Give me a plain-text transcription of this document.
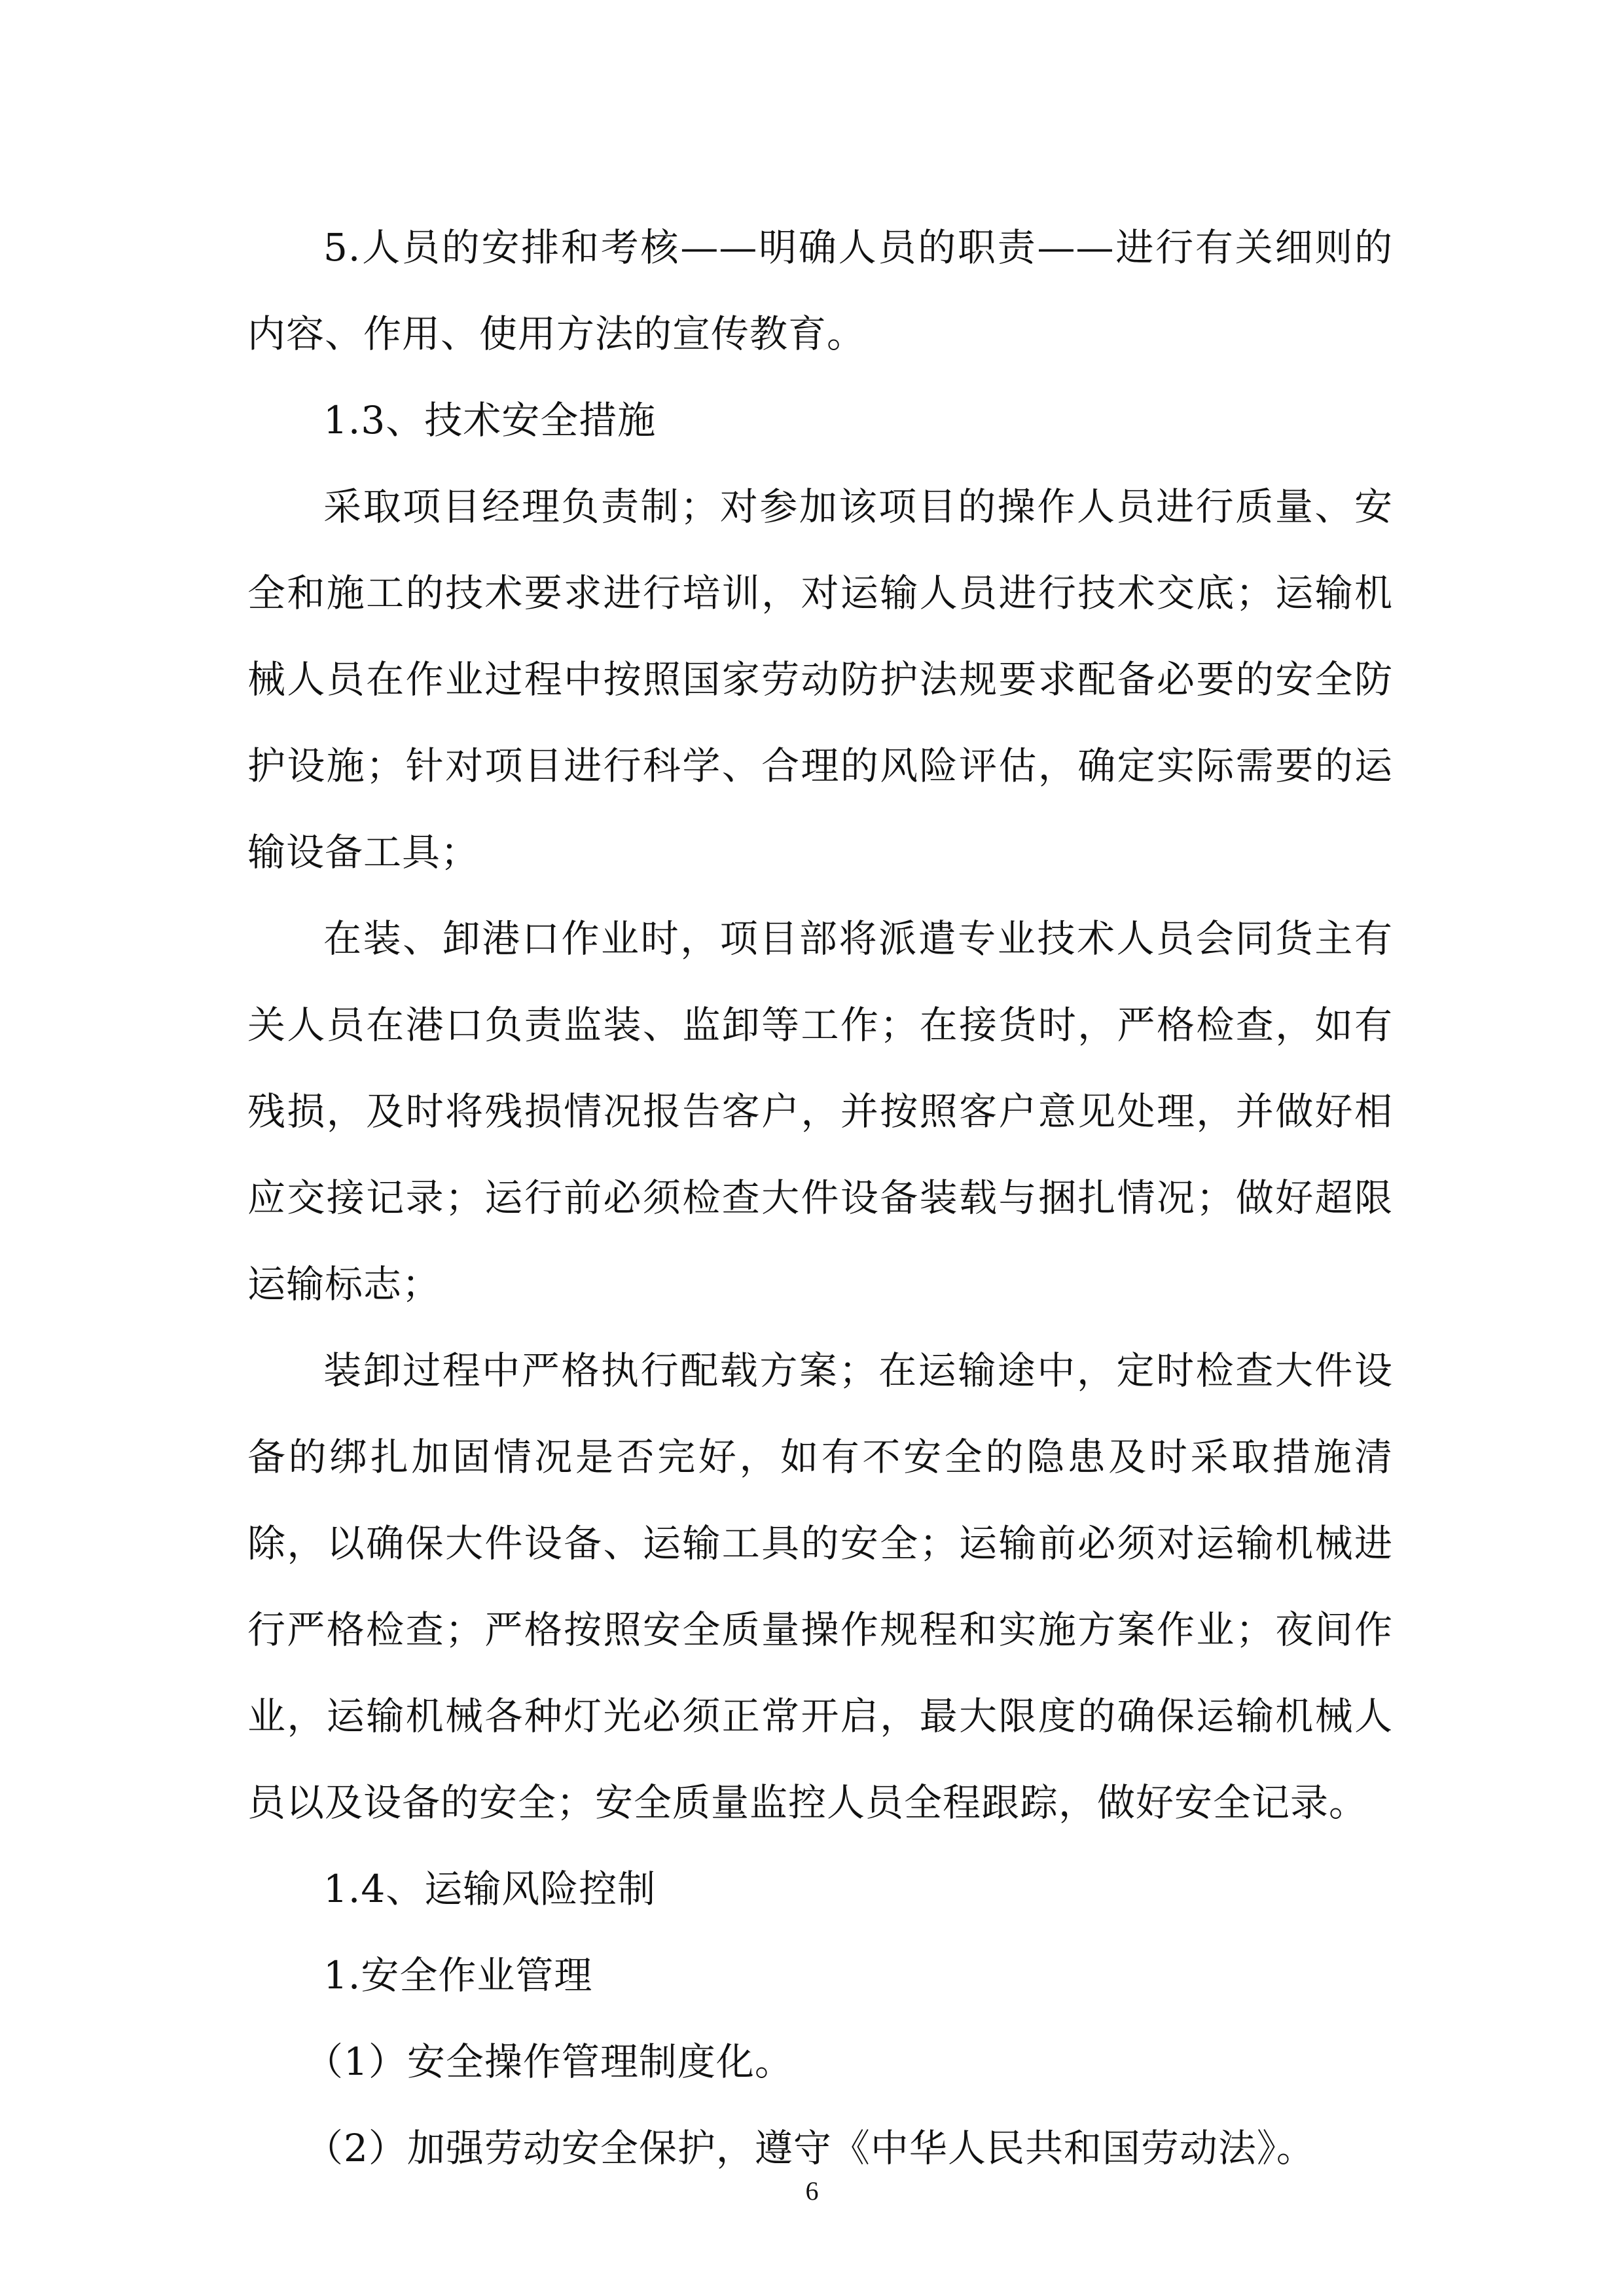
5.人员的安排和考核——明确人员的职责——进行有关细则的内容、作用、使用方法的宣传教育。

1.3、技术安全措施

采取项目经理负责制；对参加该项目的操作人员进行质量、安全和施工的技术要求进行培训，对运输人员进行技术交底；运输机械人员在作业过程中按照国家劳动防护法规要求配备必要的安全防护设施；针对项目进行科学、合理的风险评估，确定实际需要的运输设备工具；

在装、卸港口作业时，项目部将派遣专业技术人员会同货主有关人员在港口负责监装、监卸等工作；在接货时，严格检查，如有残损，及时将残损情况报告客户，并按照客户意见处理，并做好相应交接记录；运行前必须检查大件设备装载与捆扎情况；做好超限运输标志；

装卸过程中严格执行配载方案；在运输途中，定时检查大件设备的绑扎加固情况是否完好，如有不安全的隐患及时采取措施清除，以确保大件设备、运输工具的安全；运输前必须对运输机械进行严格检查；严格按照安全质量操作规程和实施方案作业；夜间作业，运输机械各种灯光必须正常开启，最大限度的确保运输机械人员以及设备的安全；安全质量监控人员全程跟踪，做好安全记录。

1.4、运输风险控制

1.安全作业管理

（1）安全操作管理制度化。

（2）加强劳动安全保护，遵守《中华人民共和国劳动法》。

6
